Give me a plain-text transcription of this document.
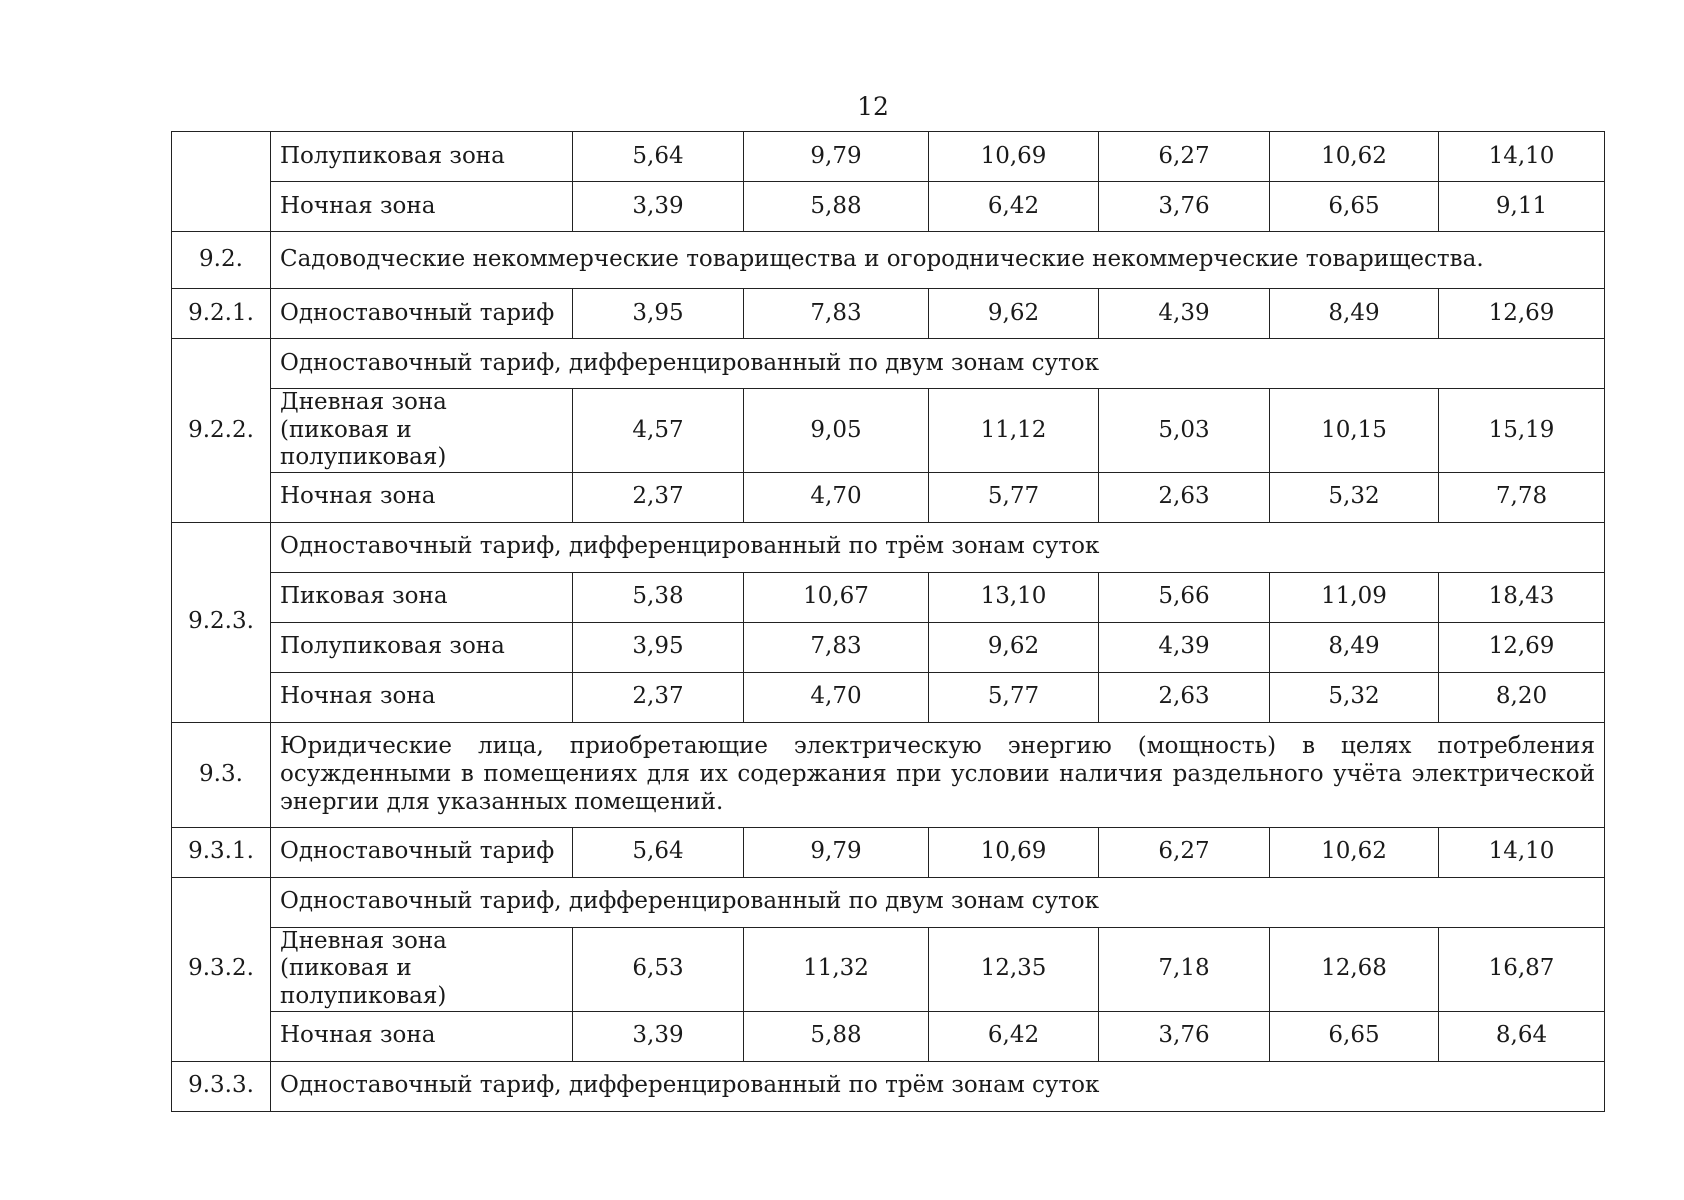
12
	Полупиковая зона	5,64	9,79	10,69	6,27	10,62	14,10
	Ночная зона	3,39	5,88	6,42	3,76	6,65	9,11
9.2.	Садоводческие некоммерческие товарищества и огороднические некоммерческие товарищества.						
9.2.1.	Одноставочный тариф	3,95	7,83	9,62	4,39	8,49	12,69
9.2.2.	Одноставочный тариф, дифференцированный по двум зонам суток						
	Дневная зона (пиковая и полупиковая)	4,57	9,05	11,12	5,03	10,15	15,19
	Ночная зона	2,37	4,70	5,77	2,63	5,32	7,78
9.2.3.	Одноставочный тариф, дифференцированный по трём зонам суток						
	Пиковая зона	5,38	10,67	13,10	5,66	11,09	18,43
	Полупиковая зона	3,95	7,83	9,62	4,39	8,49	12,69
	Ночная зона	2,37	4,70	5,77	2,63	5,32	8,20
9.3.	Юридические лица, приобретающие электрическую энергию (мощность) в целях потребления осужденными в помещениях для их содержания при условии наличия раздельного учёта электрической энергии для указанных помещений.						
9.3.1.	Одноставочный тариф	5,64	9,79	10,69	6,27	10,62	14,10
9.3.2.	Одноставочный тариф, дифференцированный по двум зонам суток						
	Дневная зона (пиковая и полупиковая)	6,53	11,32	12,35	7,18	12,68	16,87
	Ночная зона	3,39	5,88	6,42	3,76	6,65	8,64
9.3.3.	Одноставочный тариф, дифференцированный по трём зонам суток						
